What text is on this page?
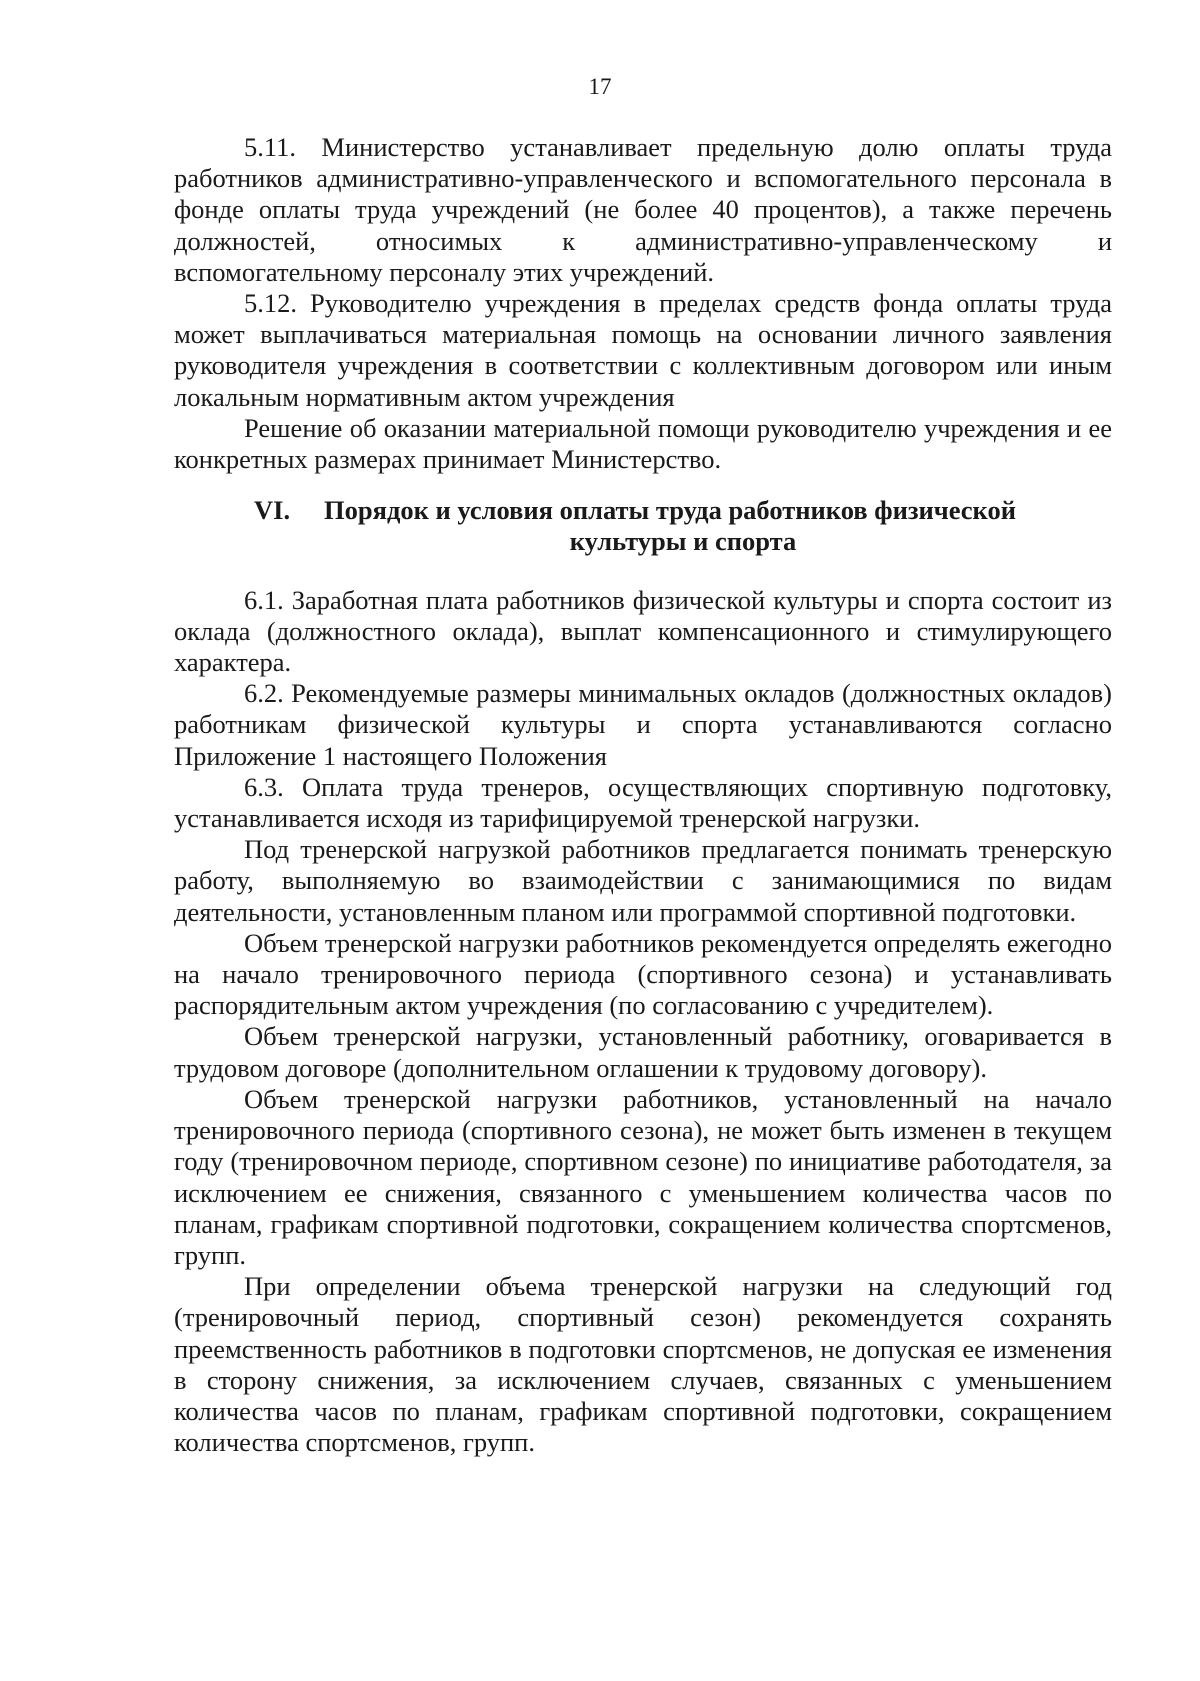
17

5.11. Министерство устанавливает предельную долю оплаты труда работников административно-управленческого и вспомогательного персонала в фонде оплаты труда учреждений (не более 40 процентов), а также перечень должностей, относимых к административно-управленческому и вспомогательному персоналу этих учреждений.

5.12. Руководителю учреждения в пределах средств фонда оплаты труда может выплачиваться материальная помощь на основании личного заявления руководителя учреждения в соответствии с коллективным договором или иным локальным нормативным актом учреждения

Решение об оказании материальной помощи руководителю учреждения и ее конкретных размерах принимает Министерство.

VI. Порядок и условия оплаты труда работников физической
культуры и спорта

6.1. Заработная плата работников физической культуры и спорта состоит из оклада (должностного оклада), выплат компенсационного и стимулирующего характера.

6.2. Рекомендуемые размеры минимальных окладов (должностных окладов) работникам физической культуры и спорта устанавливаются согласно Приложение 1 настоящего Положения

6.3. Оплата труда тренеров, осуществляющих спортивную подготовку, устанавливается исходя из тарифицируемой тренерской нагрузки.

Под тренерской нагрузкой работников предлагается понимать тренерскую работу, выполняемую во взаимодействии с занимающимися по видам деятельности, установленным планом или программой спортивной подготовки.

Объем тренерской нагрузки работников рекомендуется определять ежегодно на начало тренировочного периода (спортивного сезона) и устанавливать распорядительным актом учреждения (по согласованию с учредителем).

Объем тренерской нагрузки, установленный работнику, оговаривается в трудовом договоре (дополнительном оглашении к трудовому договору).

Объем тренерской нагрузки работников, установленный на начало тренировочного периода (спортивного сезона), не может быть изменен в текущем году (тренировочном периоде, спортивном сезоне) по инициативе работодателя, за исключением ее снижения, связанного с уменьшением количества часов по планам, графикам спортивной подготовки, сокращением количества спортсменов, групп.

При определении объема тренерской нагрузки на следующий год (тренировочный период, спортивный сезон) рекомендуется сохранять преемственность работников в подготовки спортсменов, не допуская ее изменения в сторону снижения, за исключением случаев, связанных с уменьшением количества часов по планам, графикам спортивной подготовки, сокращением количества спортсменов, групп.
